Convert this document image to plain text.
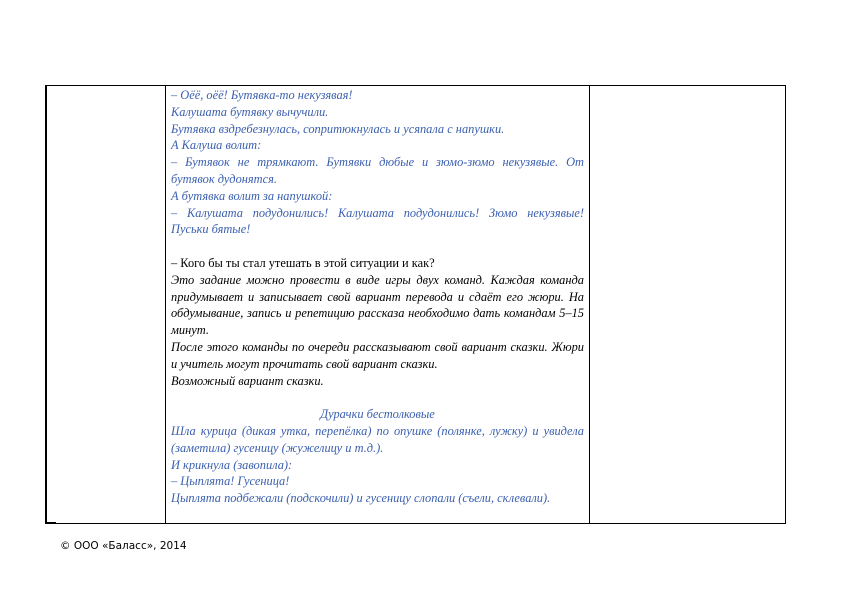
– Оёё, оёё! Бутявка-то некузявая!

Калушата бутявку вычучили.

Бутявка вздребезнулась, сопритюкнулась и усяпала с напушки.

А Калуша волит:

– Бутявок не трямкают. Бутявки дюбые и зюмо-зюмо некузявые. От бутявок дудонятся.

А бутявка волит за напушкой:

– Калушата подудонились! Калушата подудонились! Зюмо некузявые! Пуськи бятые!

– Кого бы ты стал утешать в этой ситуации и как?

Это задание можно провести в виде игры двух команд. Каждая команда придумывает и записывает свой вариант перевода и сдаёт его жюри. На обдумывание, запись и репетицию рассказа необходимо дать командам 5–15 минут.

После этого команды по очереди рассказывают свой вариант сказки. Жюри и учитель могут прочитать свой вариант сказки.

Возможный вариант сказки.

Дурачки бестолковые

Шла курица (дикая утка, перепёлка) по опушке (полянке, лужку) и увидела (заметила) гусеницу (жужелицу и т.д.).

И крикнула (завопила):

– Цыплята! Гусеница!

Цыплята подбежали (подскочили) и гусеницу слопали (съели, склевали).

© ООО «Баласс», 2014
